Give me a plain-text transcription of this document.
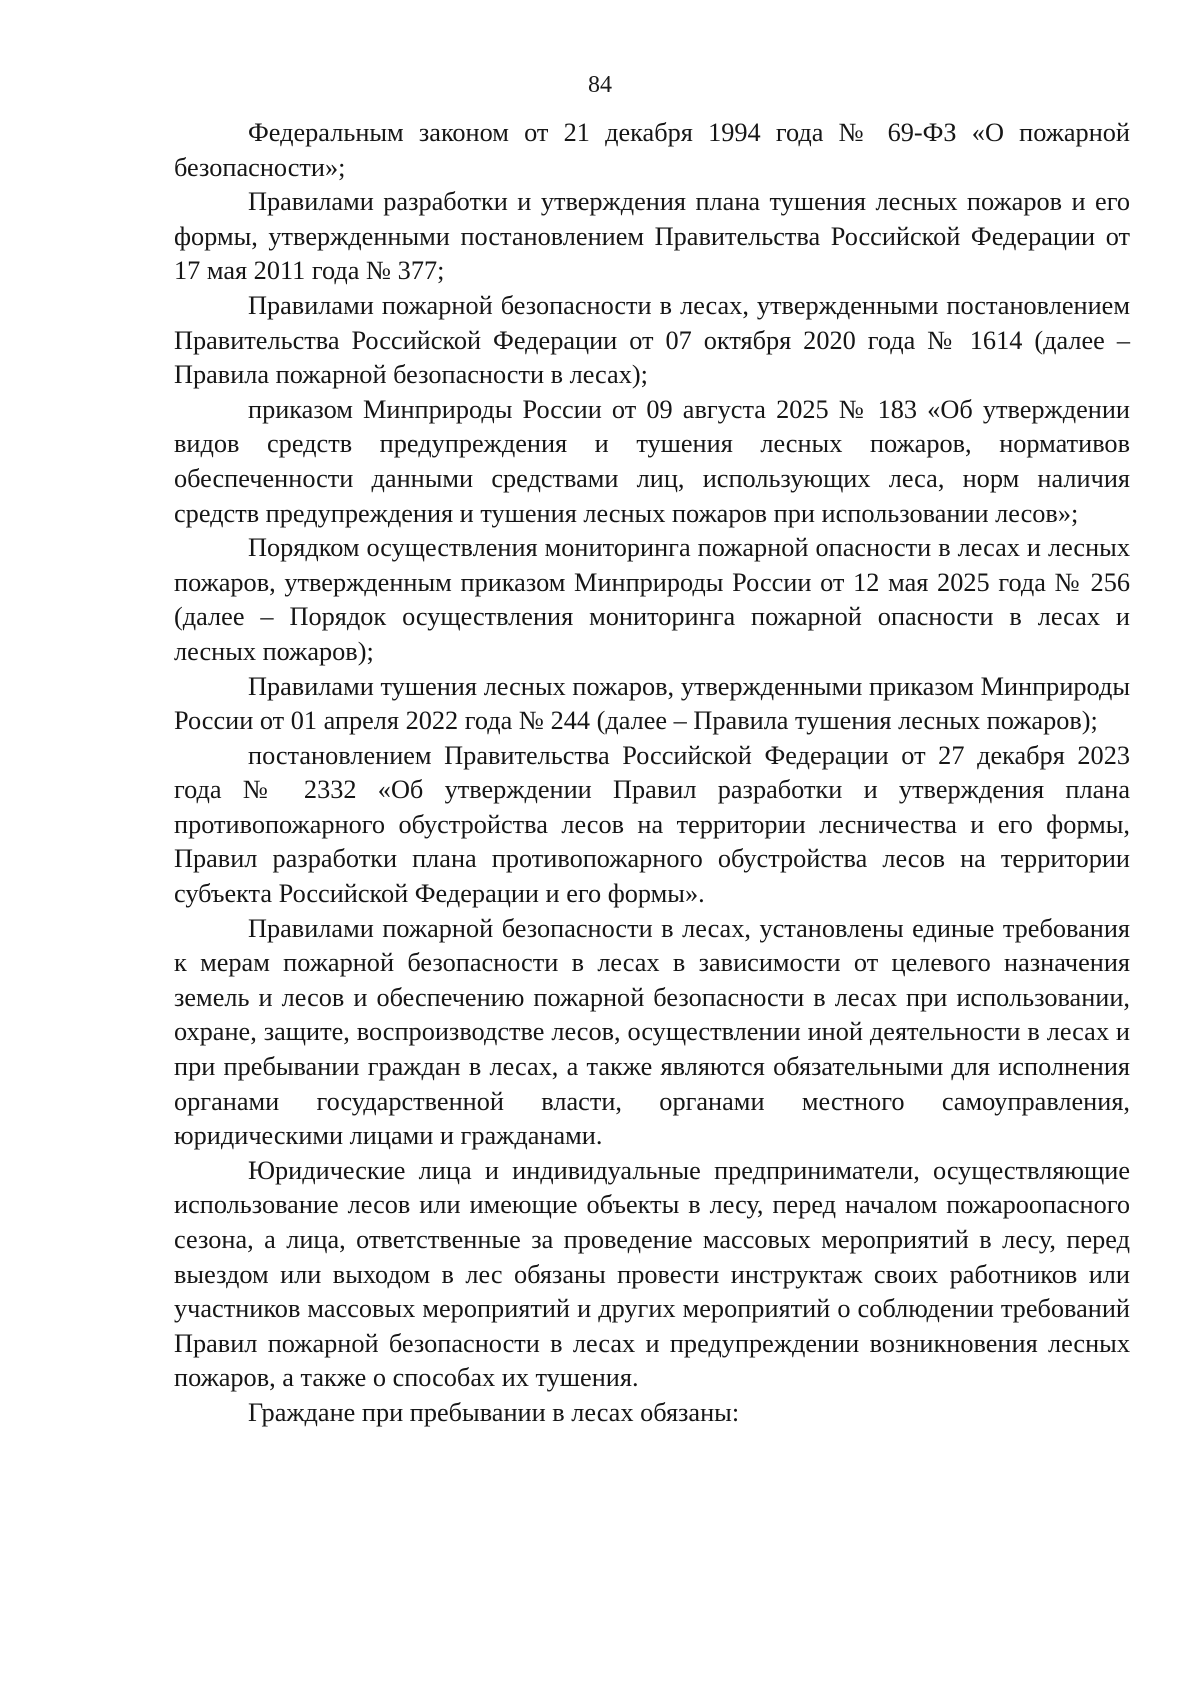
84

Федеральным законом от 21 декабря 1994 года № 69-ФЗ «О пожарной безопасности»;

Правилами разработки и утверждения плана тушения лесных пожаров и его формы, утвержденными постановлением Правительства Российской Федерации от 17 мая 2011 года № 377;

Правилами пожарной безопасности в лесах, утвержденными постановлением Правительства Российской Федерации от 07 октября 2020 года № 1614 (далее – Правила пожарной безопасности в лесах);

приказом Минприроды России от 09 августа 2025 № 183 «Об утверждении видов средств предупреждения и тушения лесных пожаров, нормативов обеспеченности данными средствами лиц, использующих леса, норм наличия средств предупреждения и тушения лесных пожаров при использовании лесов»;

Порядком осуществления мониторинга пожарной опасности в лесах и лесных пожаров, утвержденным приказом Минприроды России от 12 мая 2025 года № 256 (далее – Порядок осуществления мониторинга пожарной опасности в лесах и лесных пожаров);

Правилами тушения лесных пожаров, утвержденными приказом Минприроды России от 01 апреля 2022 года № 244 (далее – Правила тушения лесных пожаров);

постановлением Правительства Российской Федерации от 27 декабря 2023 года № 2332 «Об утверждении Правил разработки и утверждения плана противопожарного обустройства лесов на территории лесничества и его формы, Правил разработки плана противопожарного обустройства лесов на территории субъекта Российской Федерации и его формы».

Правилами пожарной безопасности в лесах, установлены единые требования к мерам пожарной безопасности в лесах в зависимости от целевого назначения земель и лесов и обеспечению пожарной безопасности в лесах при использовании, охране, защите, воспроизводстве лесов, осуществлении иной деятельности в лесах и при пребывании граждан в лесах, а также являются обязательными для исполнения органами государственной власти, органами местного самоуправления, юридическими лицами и гражданами.

Юридические лица и индивидуальные предприниматели, осуществляющие использование лесов или имеющие объекты в лесу, перед началом пожароопасного сезона, а лица, ответственные за проведение массовых мероприятий в лесу, перед выездом или выходом в лес обязаны провести инструктаж своих работников или участников массовых мероприятий и других мероприятий о соблюдении требований Правил пожарной безопасности в лесах и предупреждении возникновения лесных пожаров, а также о способах их тушения.

Граждане при пребывании в лесах обязаны:
